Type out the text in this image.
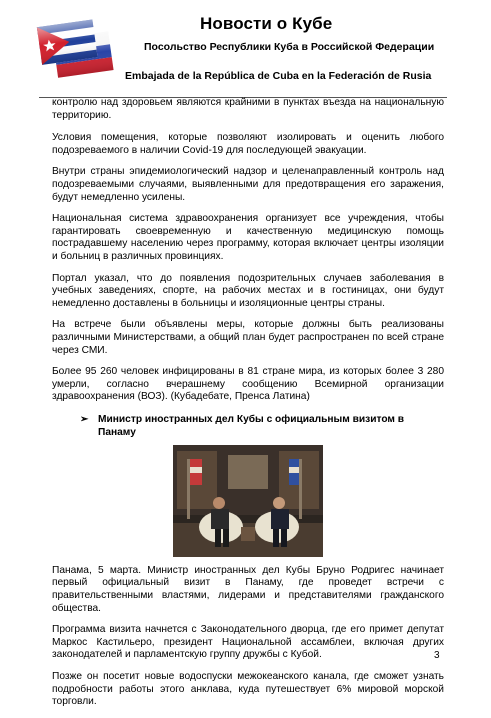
Новости о Кубе
Посольство Республики Куба в Российской Федерации
Embajada de la República de Cuba en la Federación de Rusia

контролю над здоровьем являются крайними в пунктах въезда на национальную территорию.

Условия помещения, которые позволяют изолировать и оценить любого подозреваемого в наличии Covid-19 для последующей эвакуации.

Внутри страны эпидемиологический надзор и целенаправленный контроль над подозреваемыми случаями, выявленными для предотвращения его заражения, будут немедленно усилены.

Национальная система здравоохранения организует все учреждения, чтобы гарантировать своевременную и качественную медицинскую помощь пострадавшему населению через программу, которая включает центры изоляции и больниц в различных провинциях.

Портал указал, что до появления подозрительных случаев заболевания в учебных заведениях, спорте, на рабочих местах и в гостиницах, они будут немедленно доставлены в больницы и изоляционные центры страны.

На встрече были объявлены меры, которые должны быть реализованы различными Министерствами, а общий план будет распространен по всей стране через СМИ.

Более 95 260 человек инфицированы в 81 стране мира, из которых более 3 280 умерли, согласно вчерашнему сообщению Всемирной организации здравоохранения (ВОЗ). (Кубадебате, Пренса Латина)

➢ Министр иностранных дел Кубы с официальным визитом в Панаму

Панама, 5 марта. Министр иностранных дел Кубы Бруно Родригес начинает первый официальный визит в Панаму, где проведет встречи с правительственными властями, лидерами и представителями гражданского общества.

Программа визита начнется с Законодательного дворца, где его примет депутат Маркос Кастильеро, президент Национальной ассамблеи, включая других законодателей и парламентскую группу дружбы с Кубой.

Позже он посетит новые водоспуски межокеанского канала, где сможет узнать подробности работы этого анклава, куда путешествует 6% мировой морской торговли.

3
